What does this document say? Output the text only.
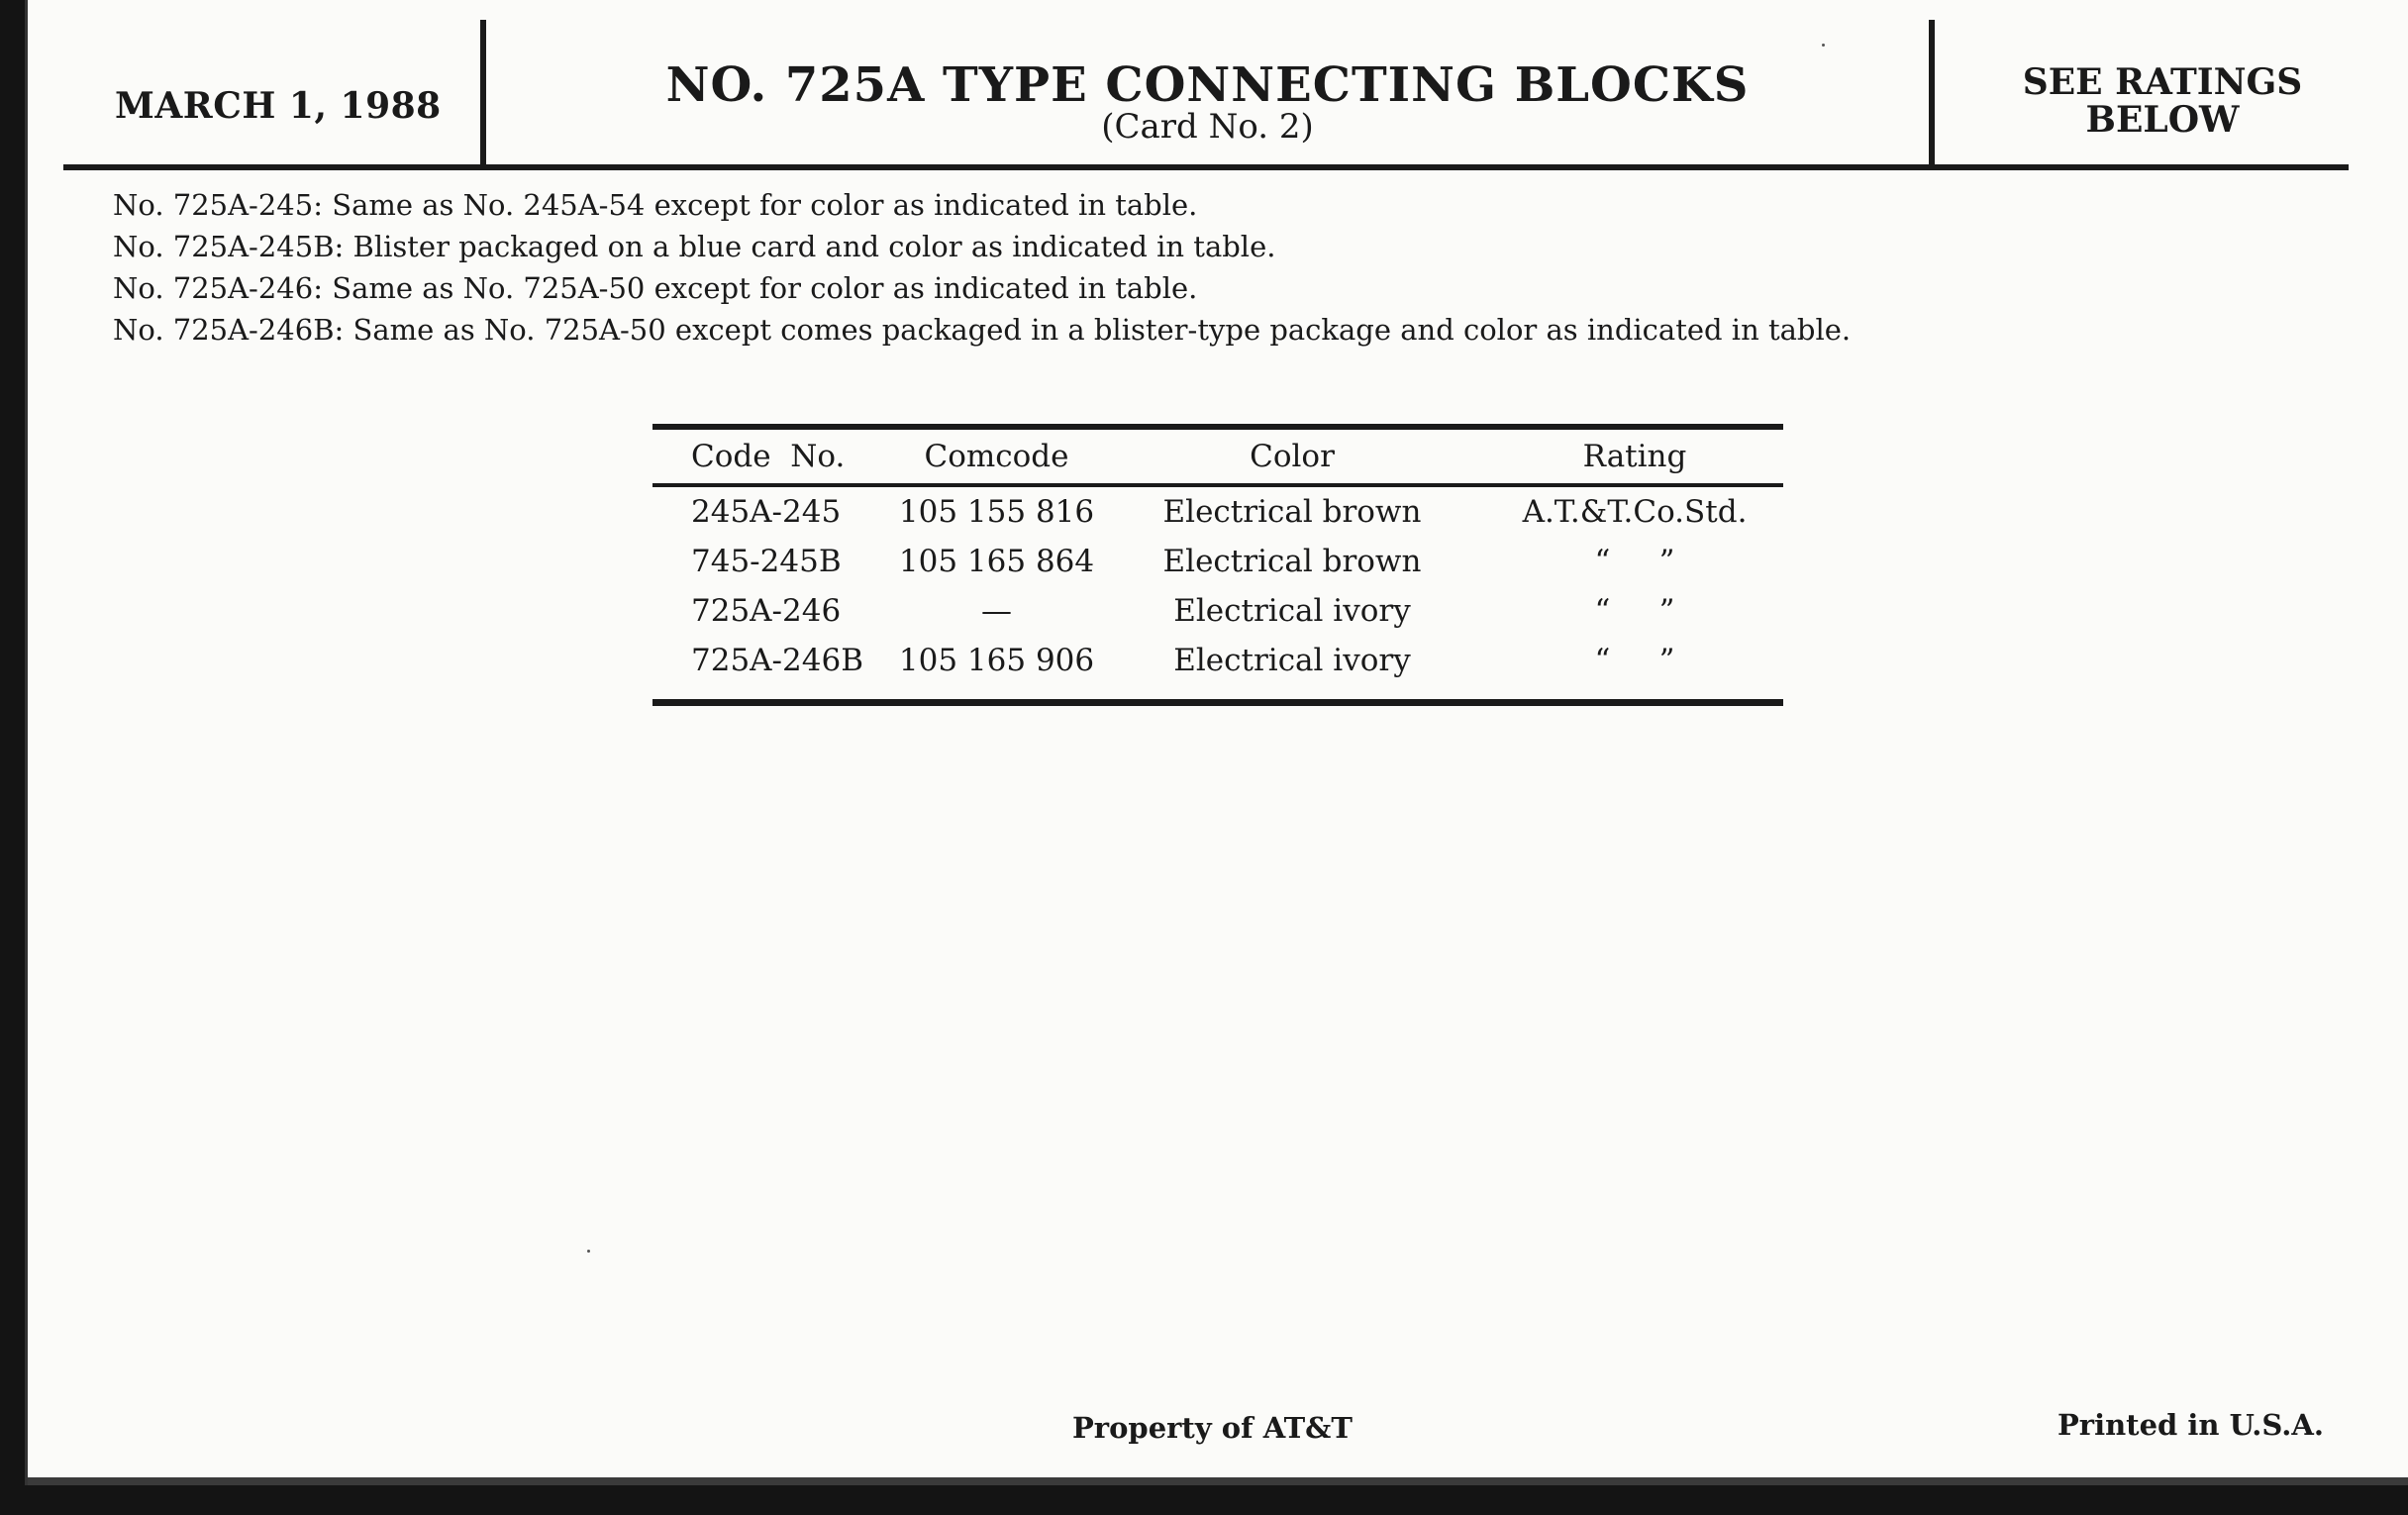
MARCH 1, 1988	NO. 725A TYPE CONNECTING BLOCKS
(Card No. 2)
SEE RATINGS
BELOW
No. 725A-245: Same as No. 245A-54 except for color as indicated in table.
No. 725A-245B: Blister packaged on a blue card and color as indicated in table.
No. 725A-246: Same as No. 725A-50 except for color as indicated in table.
No. 725A-246B: Same as No. 725A-50 except comes packaged in a blister-type package and color as indicated in table.
Code  No.	Comcode	Color	Rating
245A-245	105 155 816	Electrical brown	A.T.&T.Co.Std.
745-245B	105 165 864	Electrical brown	“     ”
725A-246	—	Electrical ivory	“     ”
725A-246B	105 165 906	Electrical ivory	“     ”
Property of AT&T	Printed in U.S.A.
